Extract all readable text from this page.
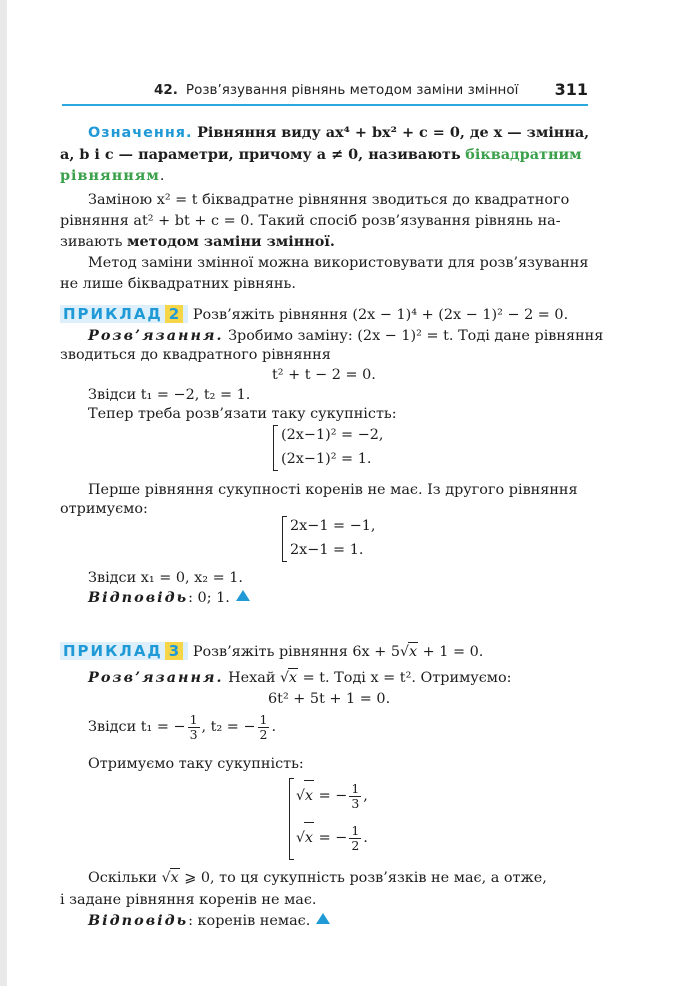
42. Розв’язування рівнянь методом заміни змінної 311
Означення. Рівняння виду ax⁴ + bx² + c = 0, де x — змінна,
a, b і c — параметри, причому a ≠ 0, називають біквадратним
рівнянням.
Заміною x² = t біквадратне рівняння зводиться до квадратного
рівняння at² + bt + c = 0. Такий спосіб розв’язування рівнянь на-
зивають методом заміни змінної.
Метод заміни змінної можна використовувати для розв’язування
не лише біквадратних рівнянь.
ПРИКЛАД 2 Розв’яжіть рівняння (2x − 1)⁴ + (2x − 1)² − 2 = 0.
Розв’язання. Зробимо заміну: (2x − 1)² = t. Тоді дане рівняння
зводиться до квадратного рівняння
t² + t − 2 = 0.
Звідси t₁ = −2, t₂ = 1.
Тепер треба розв’язати таку сукупність:
(2x−1)² = −2,
(2x−1)² = 1.
Перше рівняння сукупності коренів не має. Із другого рівняння
отримуємо:
2x−1 = −1,
2x−1 = 1.
Звідси x₁ = 0, x₂ = 1.
Відповідь: 0; 1.
ПРИКЛАД 3 Розв’яжіть рівняння 6x + 5√x + 1 = 0.
Розв’язання. Нехай √x = t. Тоді x = t². Отримуємо:
6t² + 5t + 1 = 0.
Звідси t₁ = − $\frac{1}{3}$ , t₂ = − $\frac{1}{2}$ .
Отримуємо таку сукупність:
√x = − $\frac{1}{3}$ ,
√x = − $\frac{1}{2}$ .
Оскільки √x ⩾ 0, то ця сукупність розв’язків не має, а отже,
і задане рівняння коренів не має.
Відповідь: коренів немає.
